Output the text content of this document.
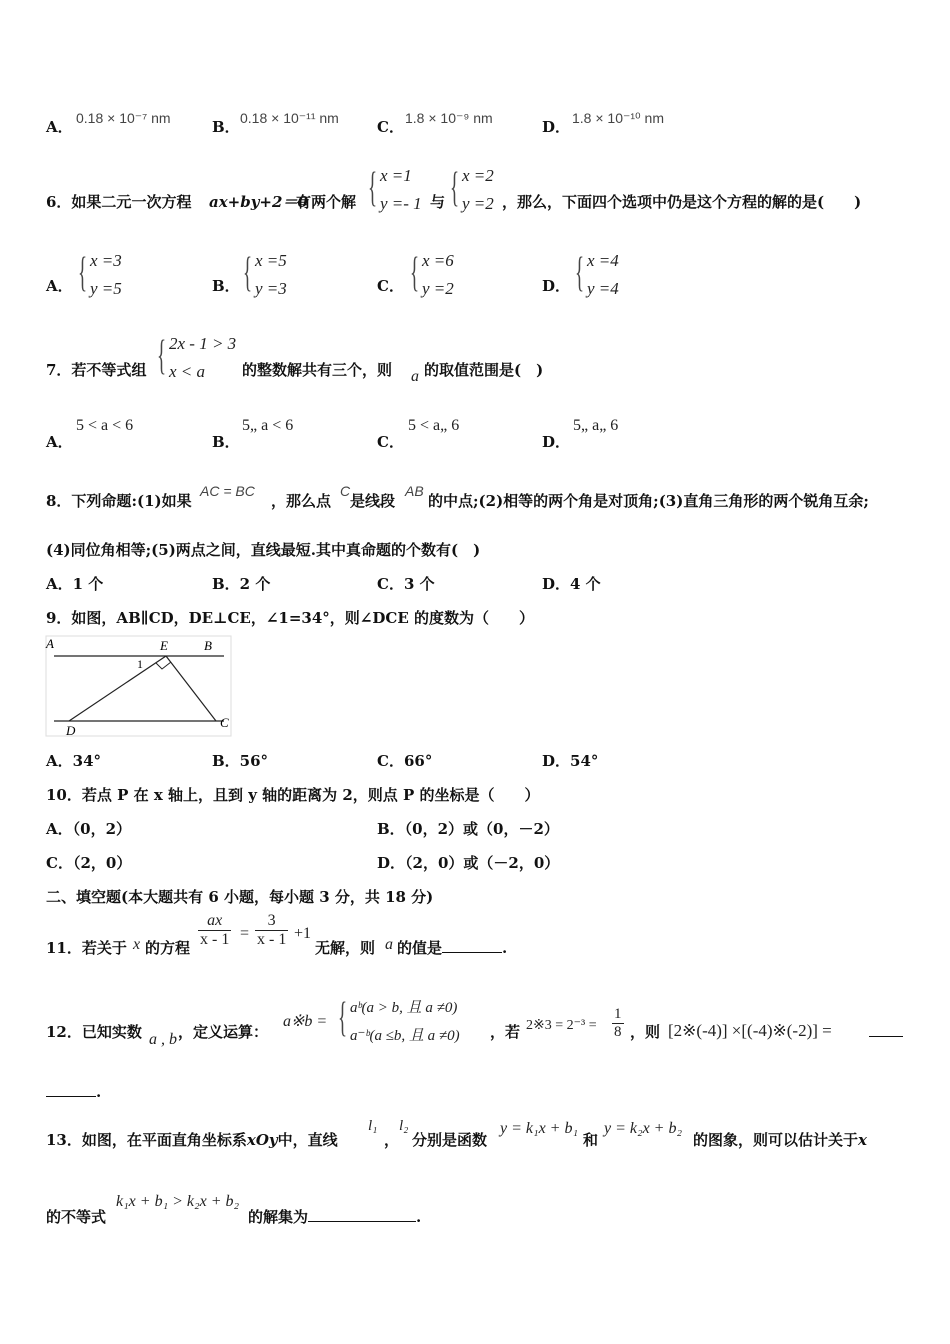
A． 0.18 × 10⁻⁷ nm	B． 0.18 × 10⁻¹¹ nm	C． 1.8 × 10⁻⁹ nm	D． 1.8 × 10⁻¹⁰ nm
6．如果二元一次方程 ax+by+2＝0
有两个解 { x =1
y =- 1 与 { x =2
y =2 ，那么，下面四个选项中仍是这个方程的解的是(　　)
A． { x =3
y =5	B． { x =5
y =3	C． { x =6
y =2	D． { x =4
y =4
7．若不等式组 { 2x - 1 > 3
x < a 的整数解共有三个，则 a 的取值范围是(　)
A．
5 < a < 6
B．
5„ a < 6
C．
5 < a„ 6
D．
5„ a„ 6
8．下列命题:(1)如果
AC = BC
，那么点
C
是线段
AB
的中点;(2)相等的两个角是对顶角;(3)直角三角形的两个锐角互余;
(4)同位角相等;(5)两点之间，直线最短.其中真命题的个数有(　)
A．1 个	B．2 个	C．3 个	D．4 个
9．如图，AB∥CD，DE⊥CE，∠1=34°，则∠DCE 的度数为（　　）
A	E	B
1
D
C
A．34°	B．56°	C．66°	D．54°
10．若点 P 在 x 轴上，且到 y 轴的距离为 2，则点 P 的坐标是（　　）
A．（0，2）	B．（0，2）或（0，－2）
C．（2，0）	D．（2，0）或（－2，0）
二、填空题(本大题共有 6 小题，每小题 3 分，共 18 分)
11．若关于 x 的方程 $\frac{ax}{x - 1} = \frac{3}{x - 1} +1$
无解，则 a 的值是	.
12．已知实数 a , b ，定义运算：
a※b = { aᵇ(a > b, 且 a ≠0)
a⁻ᵇ(a ≤b, 且 a ≠0) ，若 2※3 = $2^{-3} = \frac{1}{8}$ ，则 [2※(-4)] ×[(-4)※(-2)] =
.
13．如图，在平面直角坐标系xOy中，直线
l₁
，
l₂
分别是函数
y = k₁x + b₁
和
y = k₂x + b₂
的图象，则可以估计关于x
的不等式
k₁x + b₁ > k₂x + b₂
的解集为	.
